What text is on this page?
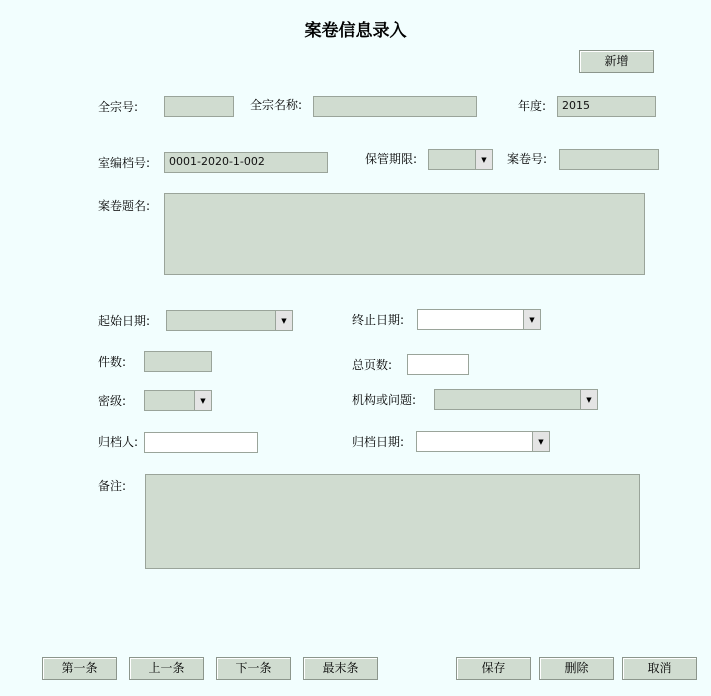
案卷信息录入
新增
全宗号:	全宗名称:	年度:	2015
室编档号:	0001-2020-1-002	保管期限:	▼	案卷号:
案卷题名:
起始日期:	▼	终止日期:	▼
件数:	总页数:
密级:	▼	机构或问题:	▼
归档人:	归档日期:	▼
备注:
第一条	上一条	下一条	最末条	保存	删除	取消
